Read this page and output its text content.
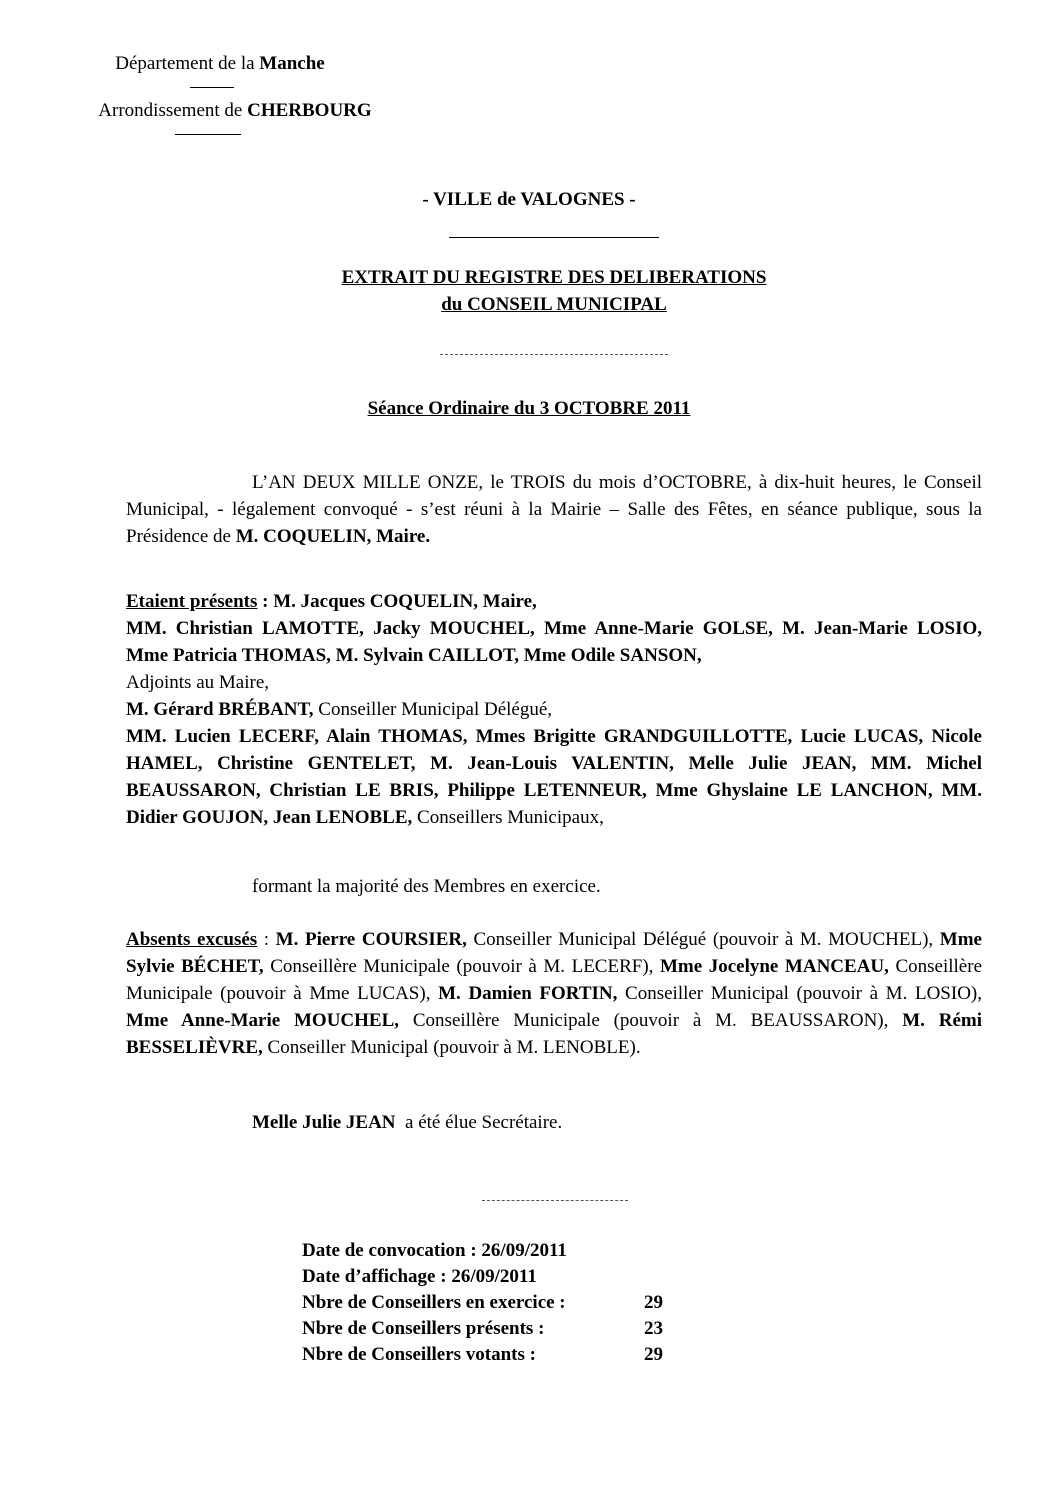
Département de la Manche
Arrondissement de CHERBOURG
- VILLE de VALOGNES -
EXTRAIT DU REGISTRE DES DELIBERATIONS
du CONSEIL MUNICIPAL
Séance Ordinaire du 3 OCTOBRE 2011

L’AN DEUX MILLE ONZE, le TROIS du mois d’OCTOBRE, à dix-huit heures, le Conseil Municipal, - légalement convoqué - s’est réuni à la Mairie – Salle des Fêtes, en séance publique, sous la Présidence de M. COQUELIN, Maire.

Etaient présents : M. Jacques COQUELIN, Maire,

MM. Christian LAMOTTE, Jacky MOUCHEL, Mme Anne-Marie GOLSE, M. Jean-Marie LOSIO, Mme Patricia THOMAS, M. Sylvain CAILLOT, Mme Odile SANSON,

Adjoints au Maire,

M. Gérard BRÉBANT, Conseiller Municipal Délégué,

MM. Lucien LECERF, Alain THOMAS, Mmes Brigitte GRANDGUILLOTTE, Lucie LUCAS, Nicole HAMEL, Christine GENTELET, M. Jean-Louis VALENTIN, Melle Julie JEAN, MM. Michel BEAUSSARON, Christian LE BRIS, Philippe LETENNEUR, Mme Ghyslaine LE LANCHON, MM. Didier GOUJON, Jean LENOBLE, Conseillers Municipaux,

formant la majorité des Membres en exercice.

Absents excusés : M. Pierre COURSIER, Conseiller Municipal Délégué (pouvoir à M. MOUCHEL), Mme Sylvie BÉCHET, Conseillère Municipale (pouvoir à M. LECERF), Mme Jocelyne MANCEAU, Conseillère Municipale (pouvoir à Mme LUCAS), M. Damien FORTIN, Conseiller Municipal (pouvoir à M. LOSIO), Mme Anne-Marie MOUCHEL, Conseillère Municipale (pouvoir à M. BEAUSSARON), M. Rémi BESSELIÈVRE, Conseiller Municipal (pouvoir à M. LENOBLE).

Melle Julie JEAN  a été élue Secrétaire.
Date de convocation : 26/09/2011
Date d’affichage : 26/09/2011
Nbre de Conseillers en exercice :	29
Nbre de Conseillers présents :	23
Nbre de Conseillers votants :	29
